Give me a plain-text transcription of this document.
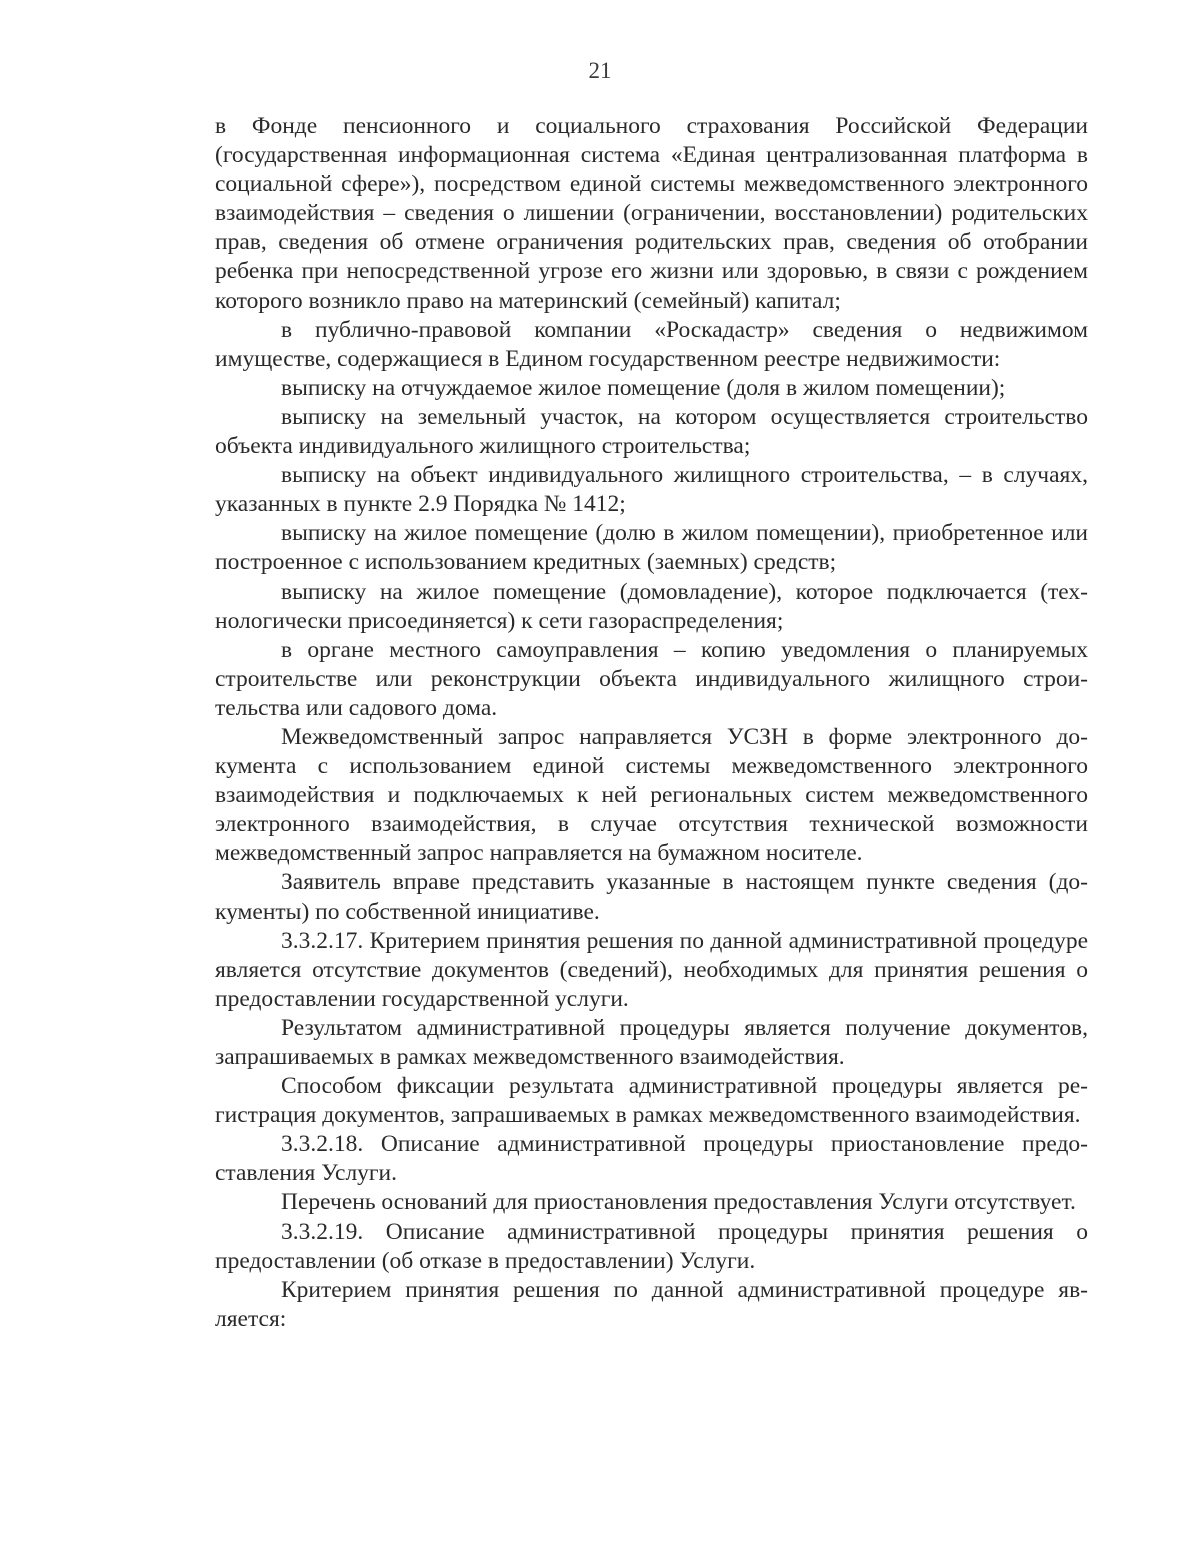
21

в Фонде пенсионного и социального страхования Российской Федерации (государственная информационная система «Единая централизованная платформа в социальной сфере»), посредством единой системы межведомственного электронного взаимодействия – сведения о лишении (ограничении, восстановлении) родительских прав, сведения об отмене ограничения родительских прав, сведения об отобрании ребенка при непосредственной угрозе его жизни или здоровью, в связи с рождением которого возникло право на материнский (семейный) капитал;

в публично-правовой компании «Роскадастр» сведения о недвижимом имуществе, содержащиеся в Едином государственном реестре недвижимости:

выписку на отчуждаемое жилое помещение (доля в жилом помещении);

выписку на земельный участок, на котором осуществляется строительство объекта индивидуального жилищного строительства;

выписку на объект индивидуального жилищного строительства, – в случаях, указанных в пункте 2.9 Порядка № 1412;

выписку на жилое помещение (долю в жилом помещении), приобретенное или построенное с использованием кредитных (заемных) средств;

выписку на жилое помещение (домовладение), которое подключается (технологически присоединяется) к сети газораспределения;

в органе местного самоуправления – копию уведомления о планируемых строительстве или реконструкции объекта индивидуального жилищного строительства или садового дома.

Межведомственный запрос направляется УСЗН в форме электронного документа с использованием единой системы межведомственного электронного взаимодействия и подключаемых к ней региональных систем межведомственного электронного взаимодействия, в случае отсутствия технической возможности межведомственный запрос направляется на бумажном носителе.

Заявитель вправе представить указанные в настоящем пункте сведения (документы) по собственной инициативе.

3.3.2.17. Критерием принятия решения по данной административной процедуре является отсутствие документов (сведений), необходимых для принятия решения о предоставлении государственной услуги.

Результатом административной процедуры является получение документов, запрашиваемых в рамках межведомственного взаимодействия.

Способом фиксации результата административной процедуры является регистрация документов, запрашиваемых в рамках межведомственного взаимодействия.

3.3.2.18. Описание административной процедуры приостановление предоставления Услуги.

Перечень оснований для приостановления предоставления Услуги отсутствует.

3.3.2.19. Описание административной процедуры принятия решения о предоставлении (об отказе в предоставлении) Услуги.

Критерием принятия решения по данной административной процедуре является:
